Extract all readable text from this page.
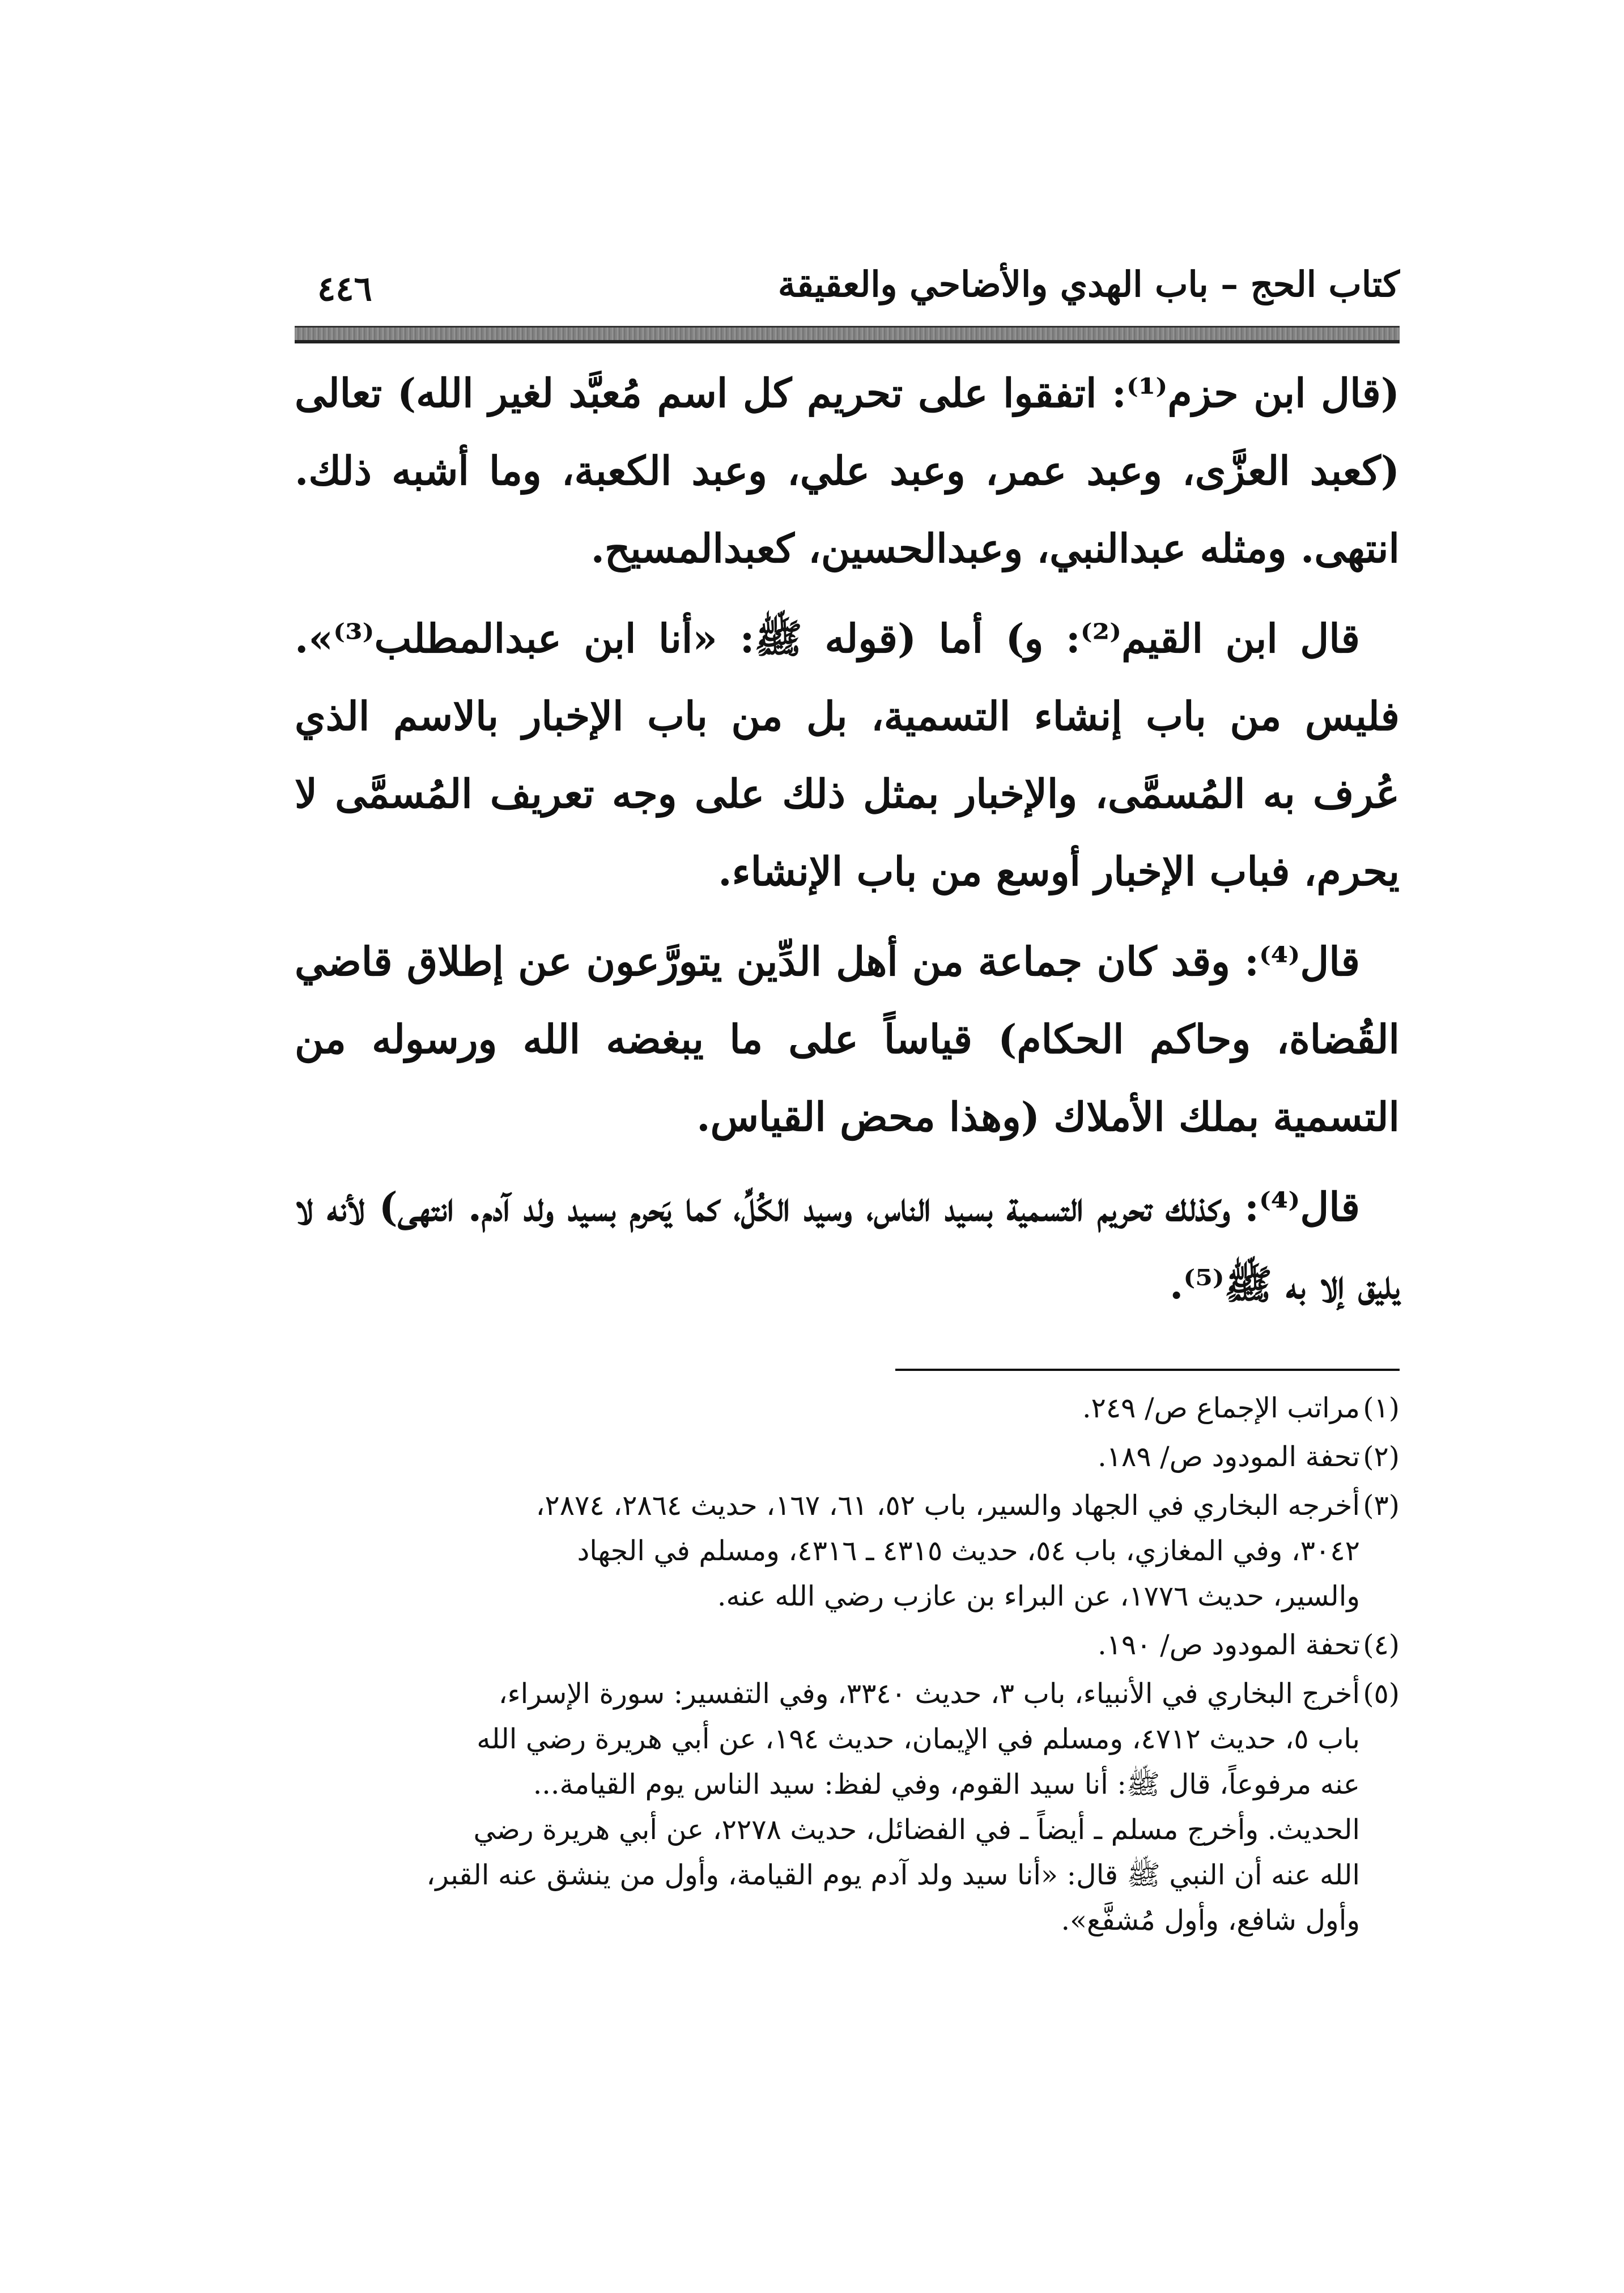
كتاب الحج – باب الهدي والأضاحي والعقيقة
٤٤٦

(قال ابن حزم⁽¹⁾: اتفقوا على تحريم كل اسم مُعبَّد لغير الله) تعالى (كعبد العزَّى، وعبد عمر، وعبد علي، وعبد الكعبة، وما أشبه ذلك. انتهى. ومثله عبدالنبي، وعبدالحسين، كعبدالمسيح.

قال ابن القيم⁽²⁾: و) أما (قوله ﷺ: «أنا ابن عبدالمطلب⁽³⁾». فليس من باب إنشاء التسمية، بل من باب الإخبار بالاسم الذي عُرف به المُسمَّى، والإخبار بمثل ذلك على وجه تعريف المُسمَّى لا يحرم، فباب الإخبار أوسع من باب الإنشاء.

قال⁽⁴⁾: وقد كان جماعة من أهل الدِّين يتورَّعون عن إطلاق قاضي القُضاة، وحاكم الحكام) قياساً على ما يبغضه الله ورسوله من التسمية بملك الأملاك (وهذا محض القياس.

قال⁽⁴⁾: وكذلك تحريم التسمية بسيد الناس، وسيد الكُلِّ، كما يَحرم بسيد ولد آدم. انتهى) لأنه لا يليق إلا به ﷺ⁽⁵⁾.

(١)مراتب الإجماع ص/ ٢٤٩.
(٢)تحفة المودود ص/ ١٨٩.
(٣)أخرجه البخاري في الجهاد والسير، باب ٥٢، ٦١، ١٦٧، حديث ٢٨٦٤، ٢٨٧٤،
٣٠٤٢، وفي المغازي، باب ٥٤، حديث ٤٣١٥ ـ ٤٣١٦، ومسلم في الجهاد
والسير، حديث ١٧٧٦، عن البراء بن عازب رضي الله عنه.
(٤)تحفة المودود ص/ ١٩٠.
(٥)أخرج البخاري في الأنبياء، باب ٣، حديث ٣٣٤٠، وفي التفسير: سورة الإسراء،
باب ٥، حديث ٤٧١٢، ومسلم في الإيمان، حديث ١٩٤، عن أبي هريرة رضي الله
عنه مرفوعاً، قال ﷺ: أنا سيد القوم، وفي لفظ: سيد الناس يوم القيامة...
الحديث. وأخرج مسلم ـ أيضاً ـ في الفضائل، حديث ٢٢٧٨، عن أبي هريرة رضي
الله عنه أن النبي ﷺ قال: «أنا سيد ولد آدم يوم القيامة، وأول من ينشق عنه القبر،
وأول شافع، وأول مُشفَّع».
